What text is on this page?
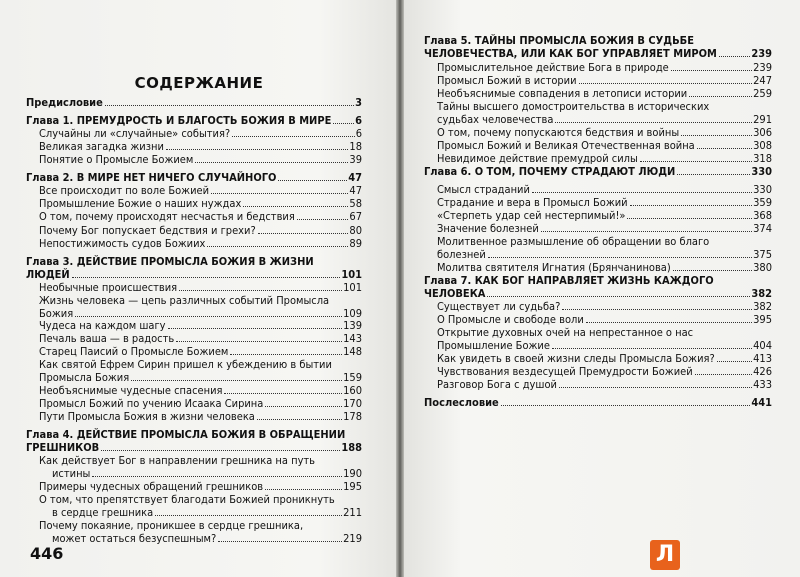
СОДЕРЖАНИЕ
Предисловие	3
Глава 1. ПРЕМУДРОСТЬ И БЛАГОСТЬ БОЖИЯ В МИРЕ 6
Случайны ли «случайные» события?	6
Великая загадка жизни	18
Понятие о Промысле Божием	39
Глава 2. В МИРЕ НЕТ НИЧЕГО СЛУЧАЙНОГО	47
Все происходит по воле Божией	47
Промышление Божие о наших нуждах	58
О том, почему происходят несчастья и бедствия	67
Почему Бог попускает бедствия и грехи?	80
Непостижимость судов Божиих	89
Глава 3. ДЕЙСТВИЕ ПРОМЫСЛА БОЖИЯ В ЖИЗНИ
ЛЮДЕЙ	101
Необычные происшествия	101
Жизнь человека — цепь различных событий Промысла
Божия	109
Чудеса на каждом шагу	139
Печаль ваша — в радость	143
Старец Паисий о Промысле Божием	148
Как святой Ефрем Сирин пришел к убеждению в бытии
Промысла Божия	159
Необъяснимые чудесные спасения	160
Промысл Божий по учению Исаака Сирина	170
Пути Промысла Божия в жизни человека	178
Глава 4. ДЕЙСТВИЕ ПРОМЫСЛА БОЖИЯ В ОБРАЩЕНИИ
ГРЕШНИКОВ	188
Как действует Бог в направлении грешника на путь
истины	190
Примеры чудесных обращений грешников	195
О том, что препятствует благодати Божией проникнуть
в сердце грешника	211
Почему покаяние, проникшее в сердце грешника,
может остаться безуспешным?	219
446
Глава 5. ТАЙНЫ ПРОМЫСЛА БОЖИЯ В СУДЬБЕ
ЧЕЛОВЕЧЕСТВА, ИЛИ КАК БОГ УПРАВЛЯЕТ МИРОМ	239
Промыслительное действие Бога в природе	239
Промысл Божий в истории	247
Необъяснимые совпадения в летописи истории	259
Тайны высшего домостроительства в исторических
судьбах человечества	291
О том, почему попускаются бедствия и войны	306
Промысл Божий и Великая Отечественная война	308
Невидимое действие премудрой силы	318
Глава 6. О ТОМ, ПОЧЕМУ СТРАДАЮТ ЛЮДИ	330
Смысл страданий	330
Страдание и вера в Промысл Божий	359
«Стерпеть удар сей нестерпимый!»	368
Значение болезней	374
Молитвенное размышление об обращении во благо
болезней	375
Молитва святителя Игнатия (Брянчанинова)	380
Глава 7. КАК БОГ НАПРАВЛЯЕТ ЖИЗНЬ КАЖДОГО
ЧЕЛОВЕКА	382
Существует ли судьба?	382
О Промысле и свободе воли	395
Открытие духовных очей на непрестанное о нас
Промышление Божие	404
Как увидеть в своей жизни следы Промысла Божия?	413
Чувствования вездесущей Премудрости Божией	426
Разговор Бога с душой	433
Послесловие	441
Л
